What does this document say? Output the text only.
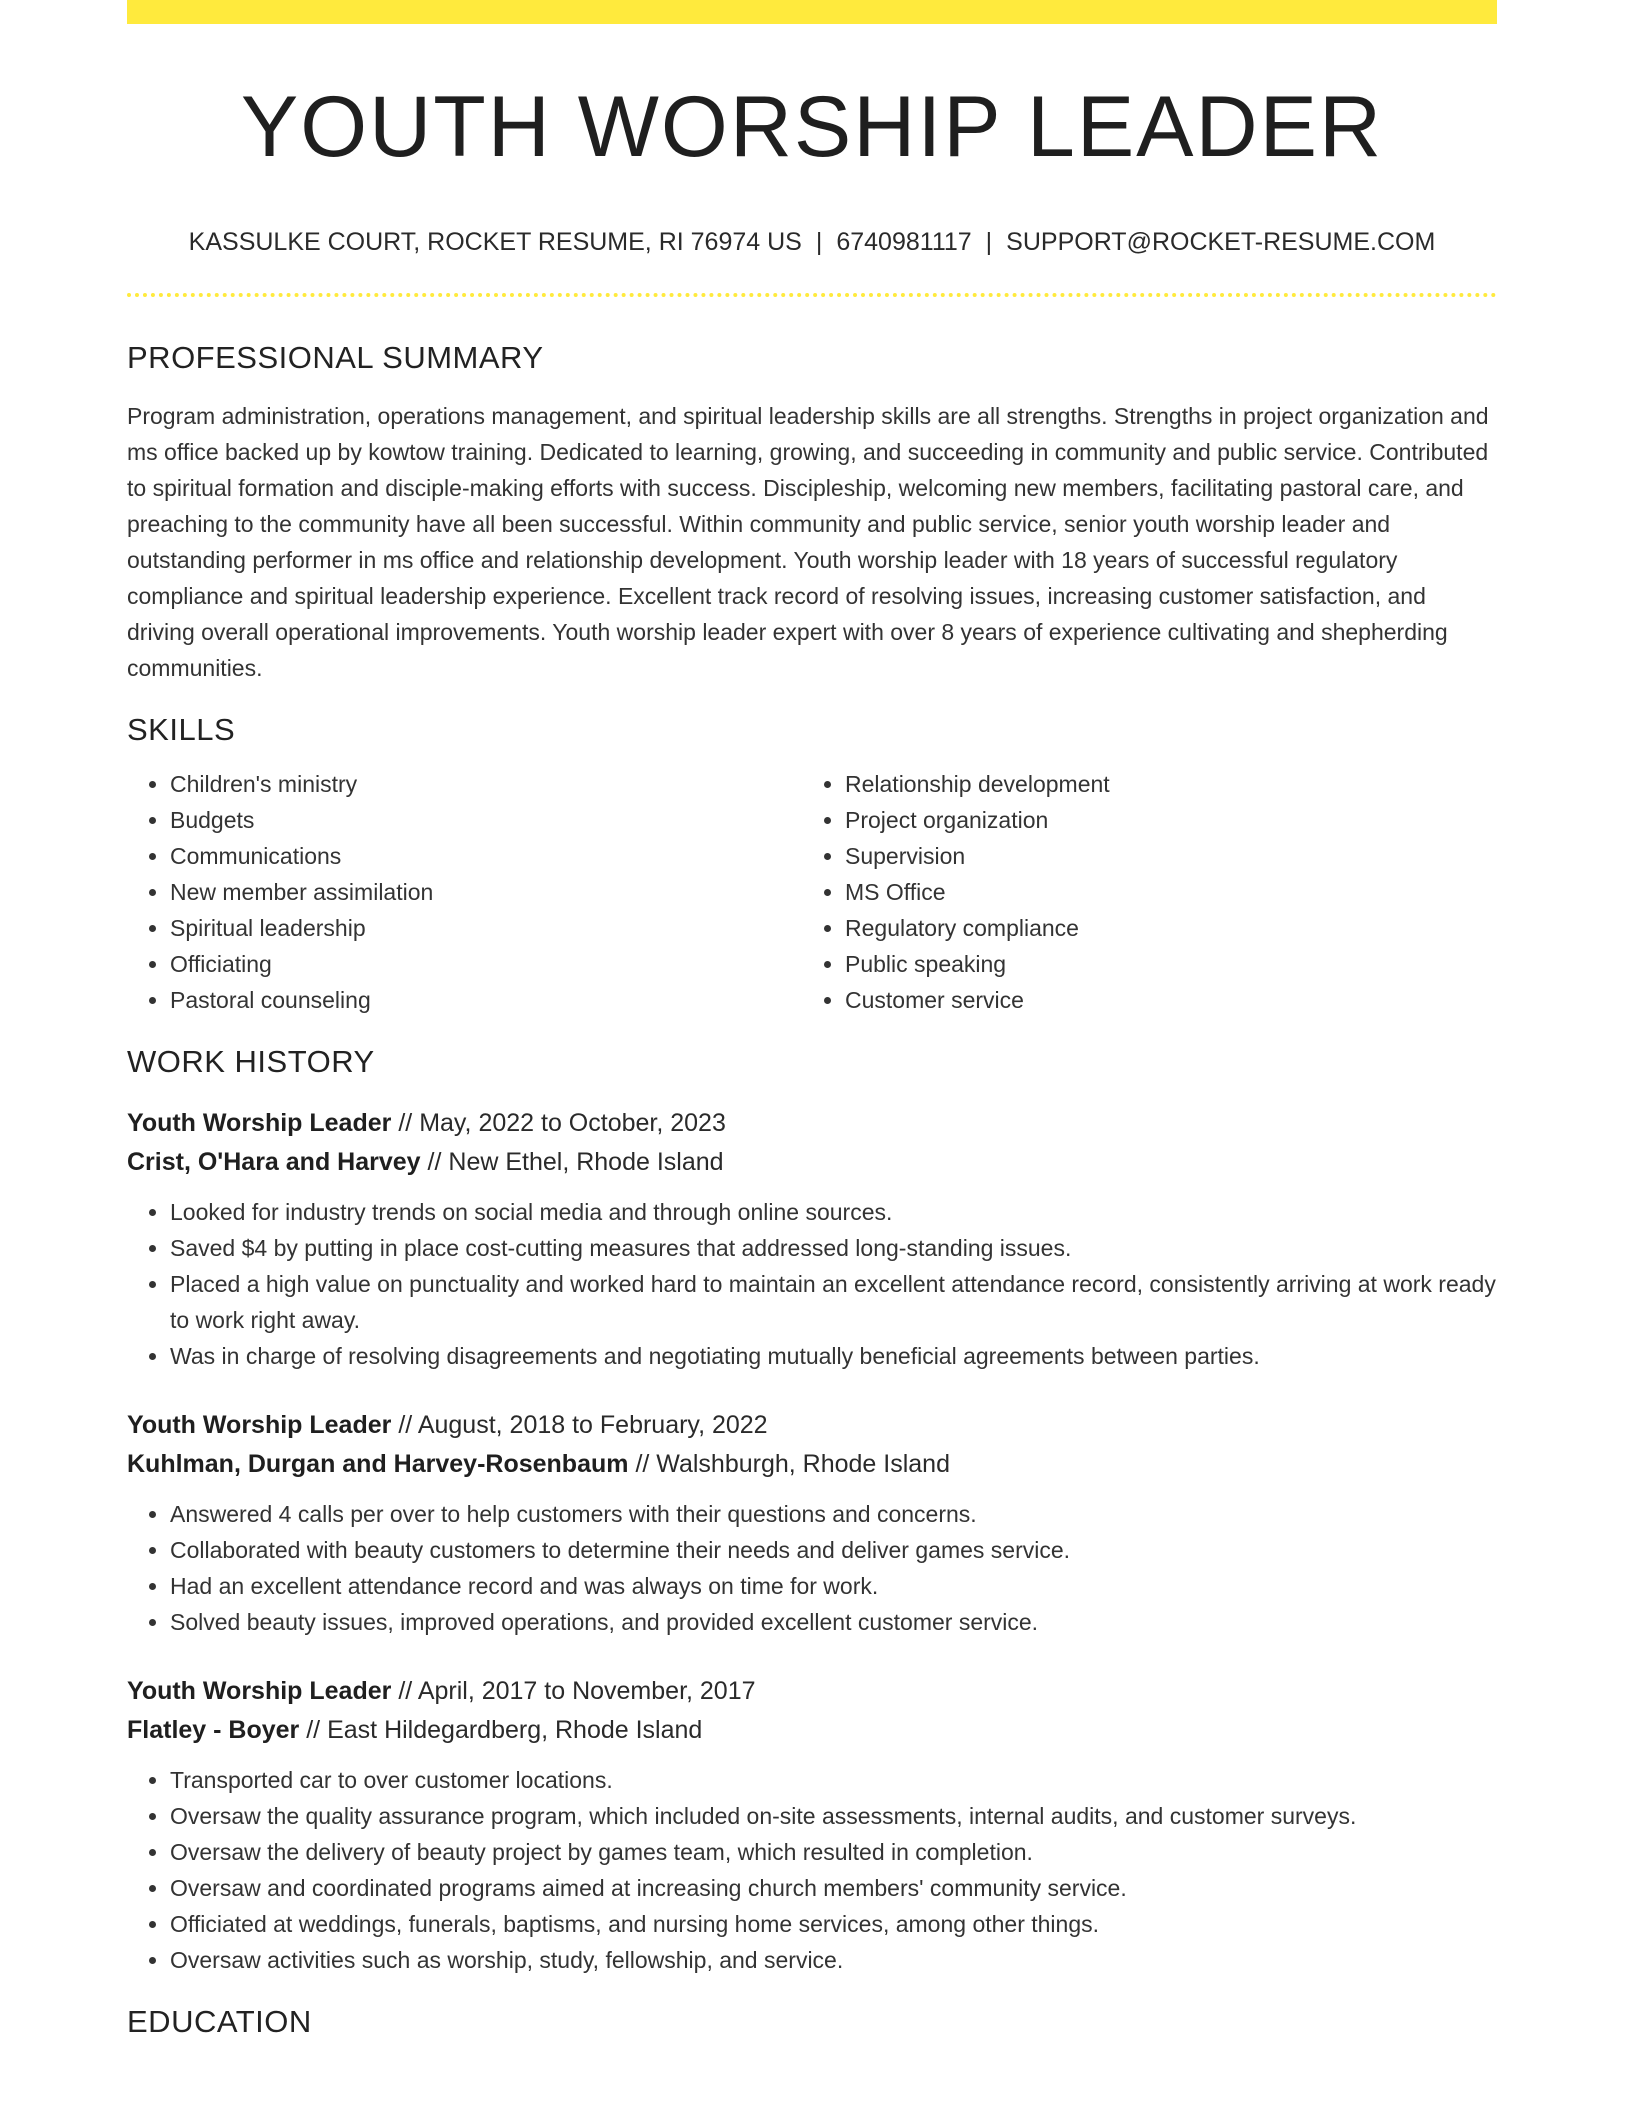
YOUTH WORSHIP LEADER
KASSULKE COURT, ROCKET RESUME, RI 76974 US | 6740981117 | SUPPORT@ROCKET-RESUME.COM
PROFESSIONAL SUMMARY

Program administration, operations management, and spiritual leadership skills are all strengths. Strengths in project organization and ms office backed up by kowtow training. Dedicated to learning, growing, and succeeding in community and public service. Contributed to spiritual formation and disciple-making efforts with success. Discipleship, welcoming new members, facilitating pastoral care, and preaching to the community have all been successful. Within community and public service, senior youth worship leader and outstanding performer in ms office and relationship development. Youth worship leader with 18 years of successful regulatory compliance and spiritual leadership experience. Excellent track record of resolving issues, increasing customer satisfaction, and driving overall operational improvements. Youth worship leader expert with over 8 years of experience cultivating and shepherding communities.

SKILLS
• Children's ministry
• Budgets
• Communications
• New member assimilation
• Spiritual leadership
• Officiating
• Pastoral counseling
• Relationship development
• Project organization
• Supervision
• MS Office
• Regulatory compliance
• Public speaking
• Customer service
WORK HISTORY
Youth Worship Leader // May, 2022 to October, 2023
Crist, O'Hara and Harvey // New Ethel, Rhode Island
• Looked for industry trends on social media and through online sources.
• Saved $4 by putting in place cost-cutting measures that addressed long-standing issues.
• Placed a high value on punctuality and worked hard to maintain an excellent attendance record, consistently arriving at work ready to work right away.
• Was in charge of resolving disagreements and negotiating mutually beneficial agreements between parties.
Youth Worship Leader // August, 2018 to February, 2022
Kuhlman, Durgan and Harvey-Rosenbaum // Walshburgh, Rhode Island
• Answered 4 calls per over to help customers with their questions and concerns.
• Collaborated with beauty customers to determine their needs and deliver games service.
• Had an excellent attendance record and was always on time for work.
• Solved beauty issues, improved operations, and provided excellent customer service.
Youth Worship Leader // April, 2017 to November, 2017
Flatley - Boyer // East Hildegardberg, Rhode Island
• Transported car to over customer locations.
• Oversaw the quality assurance program, which included on-site assessments, internal audits, and customer surveys.
• Oversaw the delivery of beauty project by games team, which resulted in completion.
• Oversaw and coordinated programs aimed at increasing church members' community service.
• Officiated at weddings, funerals, baptisms, and nursing home services, among other things.
• Oversaw activities such as worship, study, fellowship, and service.
EDUCATION
